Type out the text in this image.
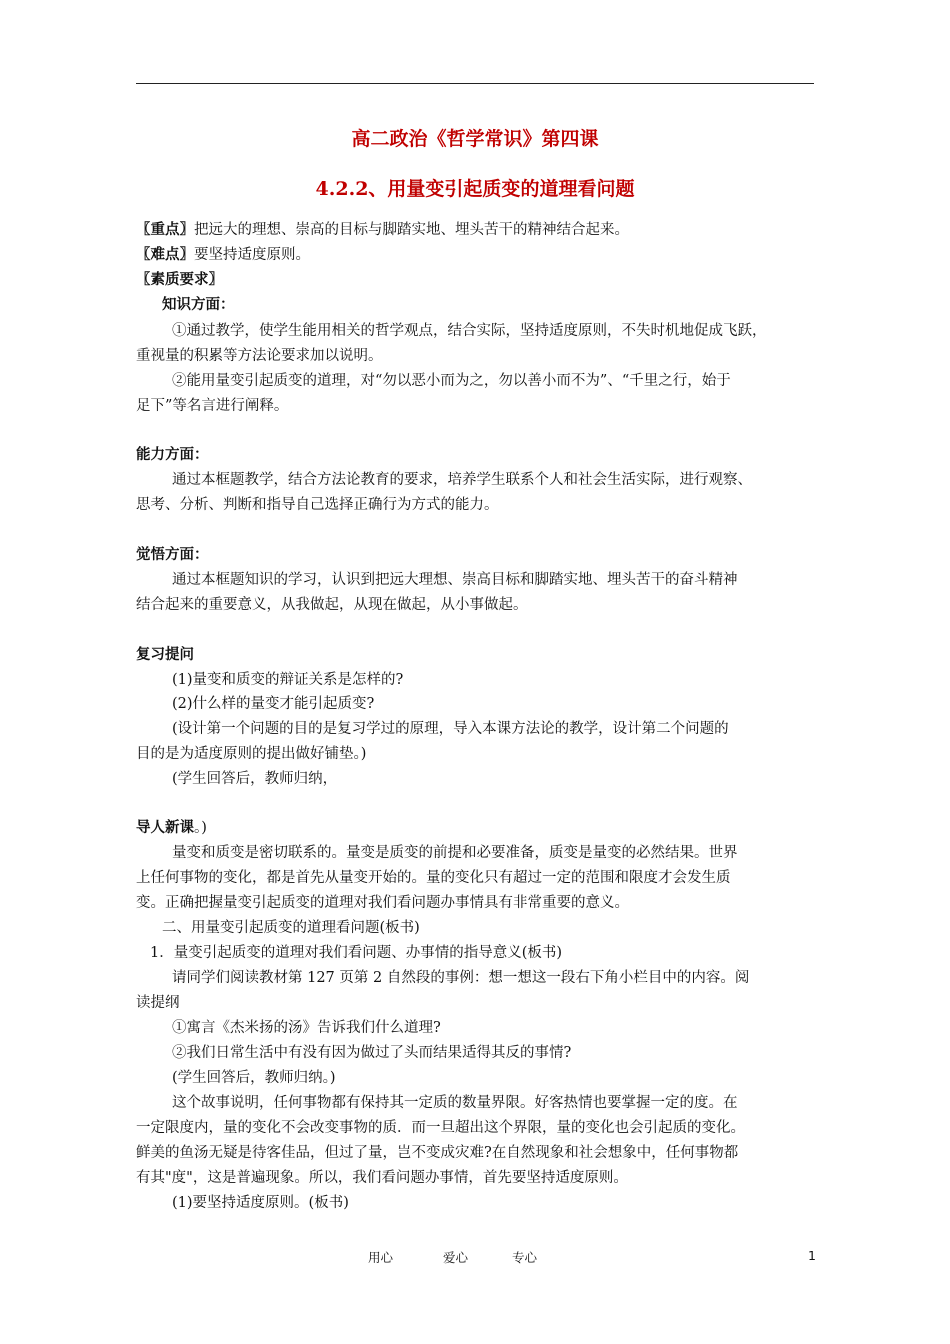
高二政治《哲学常识》第四课
4.2.2、用量变引起质变的道理看问题
〖重点〗把远大的理想、崇高的目标与脚踏实地、埋头苦干的精神结合起来。
〖难点〗要坚持适度原则。
〖素质要求〗
知识方面：
①通过教学，使学生能用相关的哲学观点，结合实际，坚持适度原则，不失时机地促成飞跃，
重视量的积累等方法论要求加以说明。
②能用量变引起质变的道理，对“勿以恶小而为之，勿以善小而不为”、“千里之行，始于
足下”等名言进行阐释。
能力方面：
通过本框题教学，结合方法论教育的要求，培养学生联系个人和社会生活实际，进行观察、
思考、分析、判断和指导自己选择正确行为方式的能力。
觉悟方面：
通过本框题知识的学习，认识到把远大理想、崇高目标和脚踏实地、埋头苦干的奋斗精神
结合起来的重要意义，从我做起，从现在做起，从小事做起。
复习提问
(1)量变和质变的辩证关系是怎样的?
(2)什么样的量变才能引起质变?
(设计第一个问题的目的是复习学过的原理，导入本课方法论的教学，设计第二个问题的
目的是为适度原则的提出做好铺垫。)
(学生回答后，教师归纳，
导人新课。)
量变和质变是密切联系的。量变是质变的前提和必要准备，质变是量变的必然结果。世界
上任何事物的变化，都是首先从量变开始的。量的变化只有超过一定的范围和限度才会发生质
变。正确把握量变引起质变的道理对我们看问题办事情具有非常重要的意义。
二、用量变引起质变的道理看问题(板书)
1．量变引起质变的道理对我们看问题、办事情的指导意义(板书)
请同学们阅读教材第 127 页第 2 自然段的事例：想一想这一段右下角小栏目中的内容。阅
读提纲
①寓言《杰米扬的汤》告诉我们什么道理?
②我们日常生活中有没有因为做过了头而结果适得其反的事情?
(学生回答后，教师归纳。)
这个故事说明，任何事物都有保持其一定质的数量界限。好客热情也要掌握一定的度。在
一定限度内，量的变化不会改变事物的质．而一旦超出这个界限，量的变化也会引起质的变化。
鲜美的鱼汤无疑是待客佳品，但过了量，岂不变成灾难?在自然现象和社会想象中，任何事物都
有其"度"，这是普遍现象。所以，我们看问题办事情，首先要坚持适度原则。
(1)要坚持适度原则。(板书)
用心	爱心	专心	1
